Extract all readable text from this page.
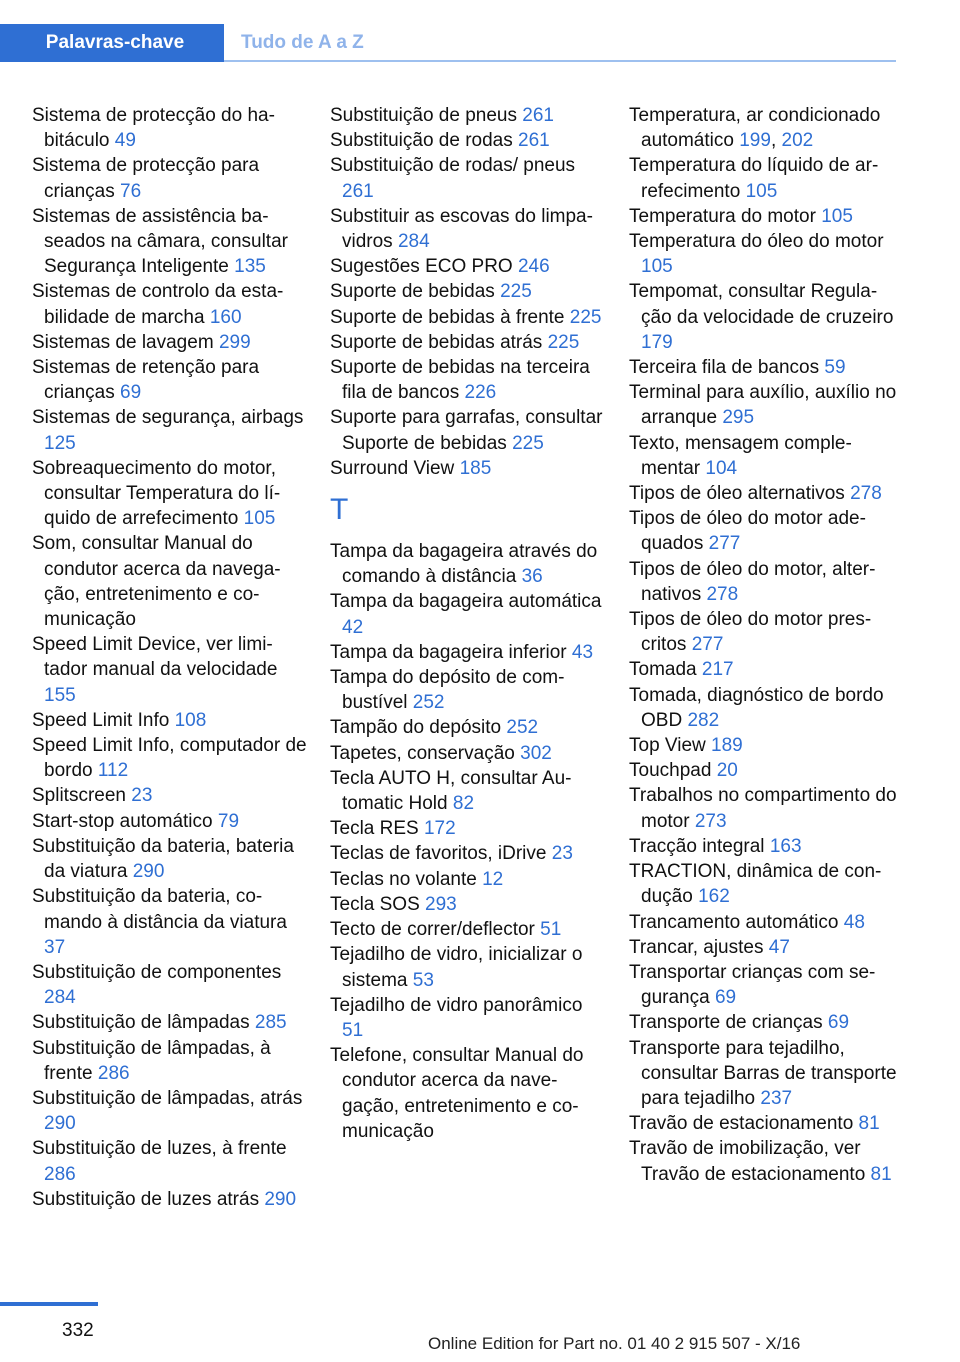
Palavras-chave	Tudo de A a Z
Sistema de protecção do habitáculo 49
Sistema de protecção para crianças 76
Sistemas de assistência baseados na câmara, consultar Segurança Inteligente 135
Sistemas de controlo da estabilidade de marcha 160
Sistemas de lavagem 299
Sistemas de retenção para crianças 69
Sistemas de segurança, airbags 125
Sobreaquecimento do motor, consultar Temperatura do líquido de arrefecimento 105
Som, consultar Manual do condutor acerca da navegação, entretenimento e comunicação
Speed Limit Device, ver limitador manual da velocidade 155
Speed Limit Info 108
Speed Limit Info, computador de bordo 112
Splitscreen 23
Start-stop automático 79
Substituição da bateria, bateria da viatura 290
Substituição da bateria, comando à distância da viatura 37
Substituição de componentes 284
Substituição de lâmpadas 285
Substituição de lâmpadas, à frente 286
Substituição de lâmpadas, atrás 290
Substituição de luzes, à frente 286
Substituição de luzes atrás 290
Substituição de pneus 261
Substituição de rodas 261
Substituição de rodas/ pneus 261
Substituir as escovas do limpa-vidros 284
Sugestões ECO PRO 246
Suporte de bebidas 225
Suporte de bebidas à frente 225
Suporte de bebidas atrás 225
Suporte de bebidas na terceira fila de bancos 226
Suporte para garrafas, consultar Suporte de bebidas 225
Surround View 185
T
Tampa da bagageira através do comando à distância 36
Tampa da bagageira automática 42
Tampa da bagageira inferior 43
Tampa do depósito de combustível 252
Tampão do depósito 252
Tapetes, conservação 302
Tecla AUTO H, consultar Automatic Hold 82
Tecla RES 172
Teclas de favoritos, iDrive 23
Teclas no volante 12
Tecla SOS 293
Tecto de correr/deflector 51
Tejadilho de vidro, inicializar o sistema 53
Tejadilho de vidro panorâmico 51
Telefone, consultar Manual do condutor acerca da navegação, entretenimento e comunicação
Temperatura, ar condicionado automático 199, 202
Temperatura do líquido de arrefecimento 105
Temperatura do motor 105
Temperatura do óleo do motor 105
Tempomat, consultar Regulação da velocidade de cruzeiro 179
Terceira fila de bancos 59
Terminal para auxílio, auxílio no arranque 295
Texto, mensagem complementar 104
Tipos de óleo alternativos 278
Tipos de óleo do motor adequados 277
Tipos de óleo do motor, alternativos 278
Tipos de óleo do motor prescritos 277
Tomada 217
Tomada, diagnóstico de bordo OBD 282
Top View 189
Touchpad 20
Trabalhos no compartimento do motor 273
Tracção integral 163
TRACTION, dinâmica de condução 162
Trancamento automático 48
Trancar, ajustes 47
Transportar crianças com segurança 69
Transporte de crianças 69
Transporte para tejadilho, consultar Barras de transporte para tejadilho 237
Travão de estacionamento 81
Travão de imobilização, ver Travão de estacionamento 81
332
Online Edition for Part no. 01 40 2 915 507 - X/16
